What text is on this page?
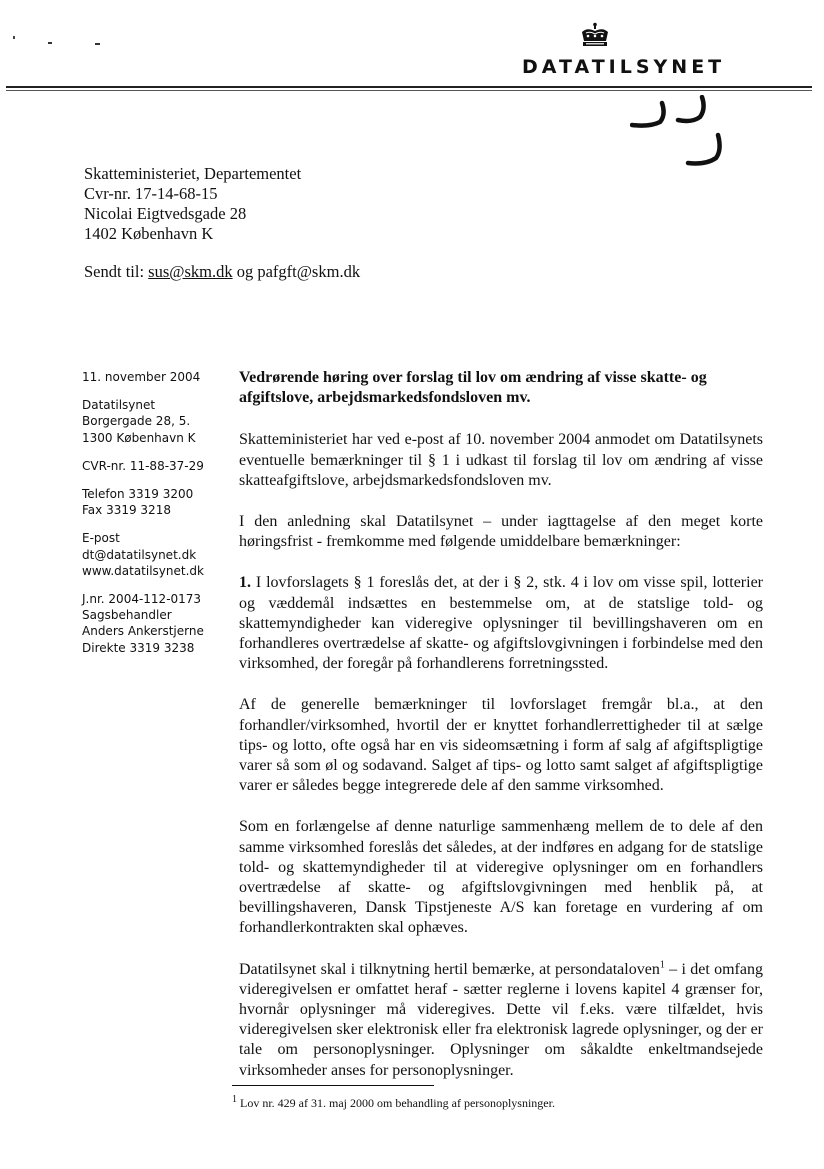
DATATILSYNET
Skatteministeriet, Departementet
Cvr-nr. 17-14-68-15
Nicolai Eigtvedsgade 28
1402 København K
Sendt til: sus@skm.dk og pafgft@skm.dk
11. november 2004
Datatilsynet
Borgergade 28, 5.
1300 København K
CVR-nr. 11-88-37-29
Telefon 3319 3200
Fax 3319 3218
E-post
dt@datatilsynet.dk
www.datatilsynet.dk
J.nr. 2004-112-0173
Sagsbehandler
Anders Ankerstjerne
Direkte 3319 3238
Vedrørende høring over forslag til lov om ændring af visse skatte- og afgiftslove, arbejdsmarkedsfondsloven mv.

Skatteministeriet har ved e-post af 10. november 2004 anmodet om Datatilsynets eventuelle bemærkninger til § 1 i udkast til forslag til lov om ændring af visse skatteafgiftslove, arbejdsmarkedsfondsloven mv.

I den anledning skal Datatilsynet – under iagttagelse af den meget korte høringsfrist - fremkomme med følgende umiddelbare bemærkninger:

1. I lovforslagets § 1 foreslås det, at der i § 2, stk. 4 i lov om visse spil, lotterier og væddemål indsættes en bestemmelse om, at de statslige told- og skattemyndigheder kan videregive oplysninger til bevillingshaveren om en forhandleres overtrædelse af skatte- og afgiftslovgivningen i forbindelse med den virksomhed, der foregår på forhandlerens forretningssted.

Af de generelle bemærkninger til lovforslaget fremgår bl.a., at den forhandler/virksomhed, hvortil der er knyttet forhandlerrettigheder til at sælge tips- og lotto, ofte også har en vis sideomsætning i form af salg af afgiftspligtige varer så som øl og sodavand. Salget af tips- og lotto samt salget af afgiftspligtige varer er således begge integrerede dele af den samme virksomhed.

Som en forlængelse af denne naturlige sammenhæng mellem de to dele af den samme virksomhed foreslås det således, at der indføres en adgang for de statslige told- og skattemyndigheder til at videregive oplysninger om en forhandlers overtrædelse af skatte- og afgiftslovgivningen med henblik på, at bevillingshaveren, Dansk Tipstjeneste A/S kan foretage en vurdering af om forhandlerkontrakten skal ophæves.

Datatilsynet skal i tilknytning hertil bemærke, at persondataloven$^1$ – i det omfang videregivelsen er omfattet heraf - sætter reglerne i lovens kapitel 4 grænser for, hvornår oplysninger må videregives. Dette vil f.eks. være tilfældet, hvis videregivelsen sker elektronisk eller fra elektronisk lagrede oplysninger, og der er tale om personoplysninger. Oplysninger om såkaldte enkeltmandsejede virksomheder anses for personoplysninger.

$^1$ Lov nr. 429 af 31. maj 2000 om behandling af personoplysninger.
